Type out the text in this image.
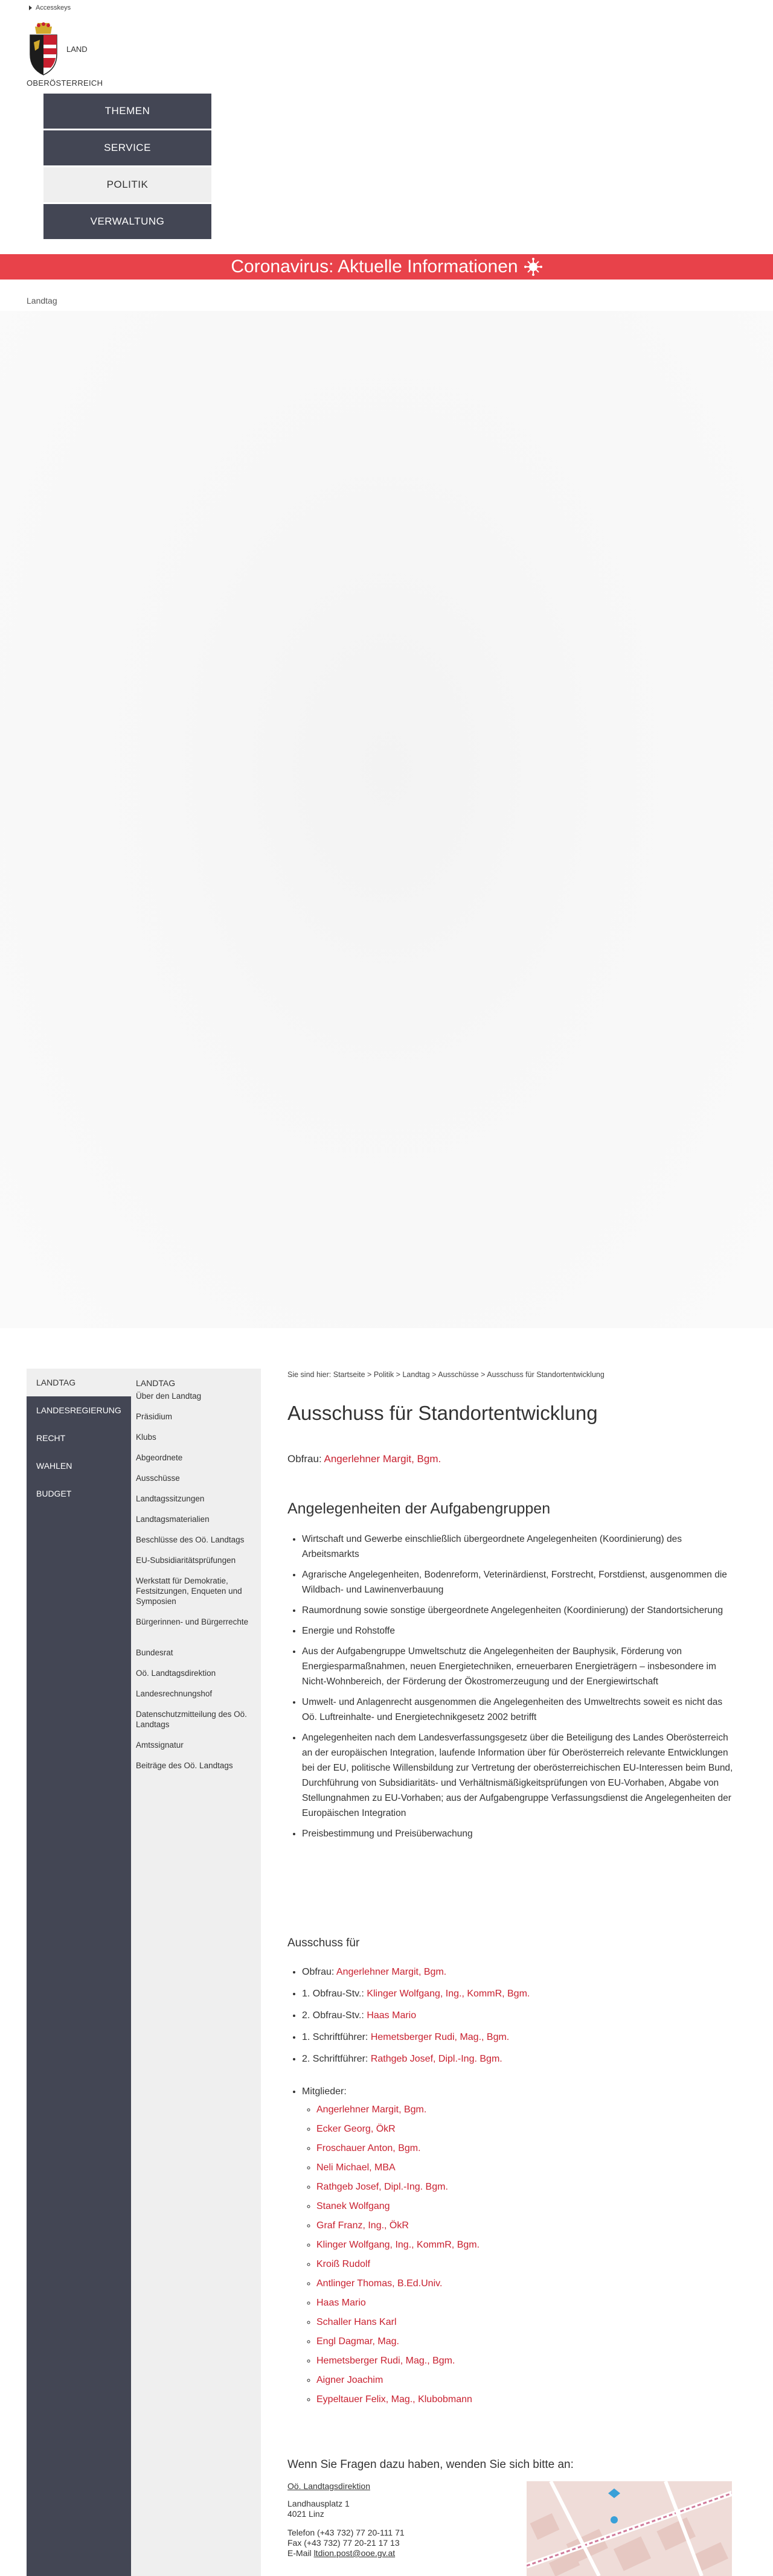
Accesskeys
LAND
OBERÖSTERREICH
THEMEN
SERVICE
POLITIK
VERWALTUNG
Coronavirus: Aktuelle Informationen
Landtag
LANDTAG
LANDESREGIERUNG
RECHT
WAHLEN
BUDGET
LANDTAG
Über den Landtag
Präsidium
Klubs
Abgeordnete
Ausschüsse
Landtagssitzungen
Landtagsmaterialien
Beschlüsse des Oö. Landtags
EU-Subsidiaritätsprüfungen
Werkstatt für Demokratie, Festsitzungen, Enqueten und Symposien
Bürgerinnen- und Bürgerrechte
Bundesrat
Oö. Landtagsdirektion
Landesrechnungshof
Datenschutzmitteilung des Oö. Landtags
Amtssignatur
Beiträge des Oö. Landtags
Sie sind hier: Startseite > Politik > Landtag > Ausschüsse > Ausschuss für Standortentwicklung
Ausschuss für Standortentwicklung
Obfrau: Angerlehner Margit, Bgm.
Angelegenheiten der Aufgabengruppen
• Wirtschaft und Gewerbe einschließlich übergeordnete Angelegenheiten (Koordinierung) des Arbeitsmarkts
• Agrarische Angelegenheiten, Bodenreform, Veterinärdienst, Forstrecht, Forstdienst, ausgenommen die Wildbach- und Lawinenverbauung
• Raumordnung sowie sonstige übergeordnete Angelegenheiten (Koordinierung) der Standortsicherung
• Energie und Rohstoffe
• Aus der Aufgabengruppe Umweltschutz die Angelegenheiten der Bauphysik, Förderung von Energiesparmaßnahmen, neuen Energietechniken, erneuerbaren Energieträgern – insbesondere im Nicht-Wohnbereich, der Förderung der Ökostromerzeugung und der Energiewirtschaft
• Umwelt- und Anlagenrecht ausgenommen die Angelegenheiten des Umweltrechts soweit es nicht das Oö. Luftreinhalte- und Energietechnikgesetz 2002 betrifft
• Angelegenheiten nach dem Landesverfassungsgesetz über die Beteiligung des Landes Oberösterreich an der europäischen Integration, laufende Information über für Oberösterreich relevante Entwicklungen bei der EU, politische Willensbildung zur Vertretung der oberösterreichischen EU-Interessen beim Bund, Durchführung von Subsidiaritäts- und Verhältnismäßigkeitsprüfungen von EU-Vorhaben, Abgabe von Stellungnahmen zu EU-Vorhaben; aus der Aufgabengruppe Verfassungsdienst die Angelegenheiten der Europäischen Integration
• Preisbestimmung und Preisüberwachung
Ausschuss für
• Obfrau: Angerlehner Margit, Bgm.
• 1. Obfrau-Stv.: Klinger Wolfgang, Ing., KommR, Bgm.
• 2. Obfrau-Stv.: Haas Mario
• 1. Schriftführer: Hemetsberger Rudi, Mag., Bgm.
• 2. Schriftführer: Rathgeb Josef, Dipl.-Ing. Bgm.
• Mitglieder:
◦ Angerlehner Margit, Bgm.
◦ Ecker Georg, ÖkR
◦ Froschauer Anton, Bgm.
◦ Neli Michael, MBA
◦ Rathgeb Josef, Dipl.-Ing. Bgm.
◦ Stanek Wolfgang
◦ Graf Franz, Ing., ÖkR
◦ Klinger Wolfgang, Ing., KommR, Bgm.
◦ Kroiß Rudolf
◦ Antlinger Thomas, B.Ed.Univ.
◦ Haas Mario
◦ Schaller Hans Karl
◦ Engl Dagmar, Mag.
◦ Hemetsberger Rudi, Mag., Bgm.
◦ Aigner Joachim
◦ Eypeltauer Felix, Mag., Klubobmann
Wenn Sie Fragen dazu haben, wenden Sie sich bitte an:
Oö. Landtagsdirektion
Landhausplatz 1
4021 Linz
Telefon (+43 732) 77 20-111 71
Fax (+43 732) 77 20-21 17 13
E-Mail ltdion.post@ooe.gv.at
